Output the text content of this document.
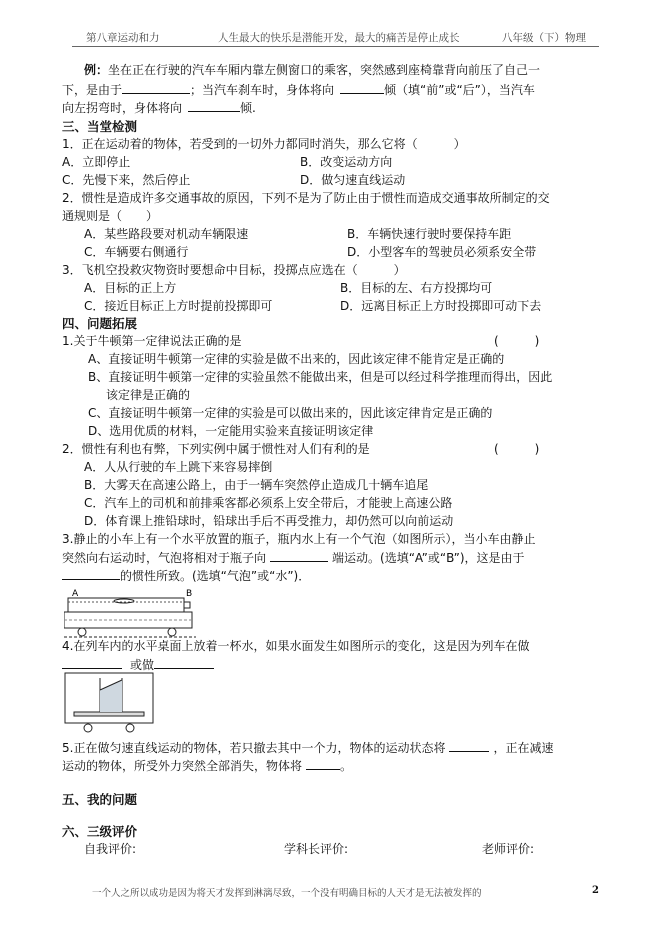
第八章运动和力	人生最大的快乐是潜能开发，最大的痛苦是停止成长	八年级（下）物理
例：坐在正在行驶的汽车车厢内靠左侧窗口的乘客，突然感到座椅靠背向前压了自己一
下，是由于	；当汽车刹车时，身体将向	倾（填“前”或“后”），当汽车
向左拐弯时，身体将向	倾.
三、当堂检测
1．正在运动着的物体，若受到的一切外力都同时消失，那么它将（　　　）
A．立即停止	B．改变运动方向
C．先慢下来，然后停止	D．做匀速直线运动
2．惯性是造成许多交通事故的原因，下列不是为了防止由于惯性而造成交通事故所制定的交
通规则是（　　）
A．某些路段要对机动车辆限速	B．车辆快速行驶时要保持车距
C．车辆要右侧通行	D．小型客车的驾驶员必须系安全带
3．飞机空投救灾物资时要想命中目标，投掷点应选在（　　　）
A．目标的正上方	B．目标的左、右方投掷均可
C．接近目标正上方时提前投掷即可	D．远离目标正上方时投掷即可动下去
四、问题拓展
1.关于牛顿第一定律说法正确的是	(　　　)
A、直接证明牛顿第一定律的实验是做不出来的，因此该定律不能肯定是正确的
B、直接证明牛顿第一定律的实验虽然不能做出来，但是可以经过科学推理而得出，因此
该定律是正确的
C、直接证明牛顿第一定律的实验是可以做出来的，因此该定律肯定是正确的
D、选用优质的材料，一定能用实验来直接证明该定律
2．惯性有利也有弊，下列实例中属于惯性对人们有利的是	(　　　)
A．人从行驶的车上跳下来容易摔倒
B．大雾天在高速公路上，由于一辆车突然停止造成几十辆车追尾
C．汽车上的司机和前排乘客都必须系上安全带后，才能驶上高速公路
D．体育课上推铅球时，铅球出手后不再受推力，却仍然可以向前运动
3.静止的小车上有一个水平放置的瓶子，瓶内水上有一个气泡（如图所示），当小车由静止
突然向右运动时，气泡将相对于瓶子向	端运动。(选填“A”或“B”)，这是由于
的惯性所致。(选填“气泡”或“水”)．
A	B
4.在列车内的水平桌面上放着一杯水，如果水面发生如图所示的变化，这是因为列车在做
或做
5.正在做匀速直线运动的物体，若只撤去其中一个力，物体的运动状态将	，正在减速
运动的物体，所受外力突然全部消失，物体将	。
五、我的问题
六、三级评价
自我评价:	学科长评价:	老师评价:
一个人之所以成功是因为将天才发挥到淋漓尽致，一个没有明确目标的人天才是无法被发挥的	2
